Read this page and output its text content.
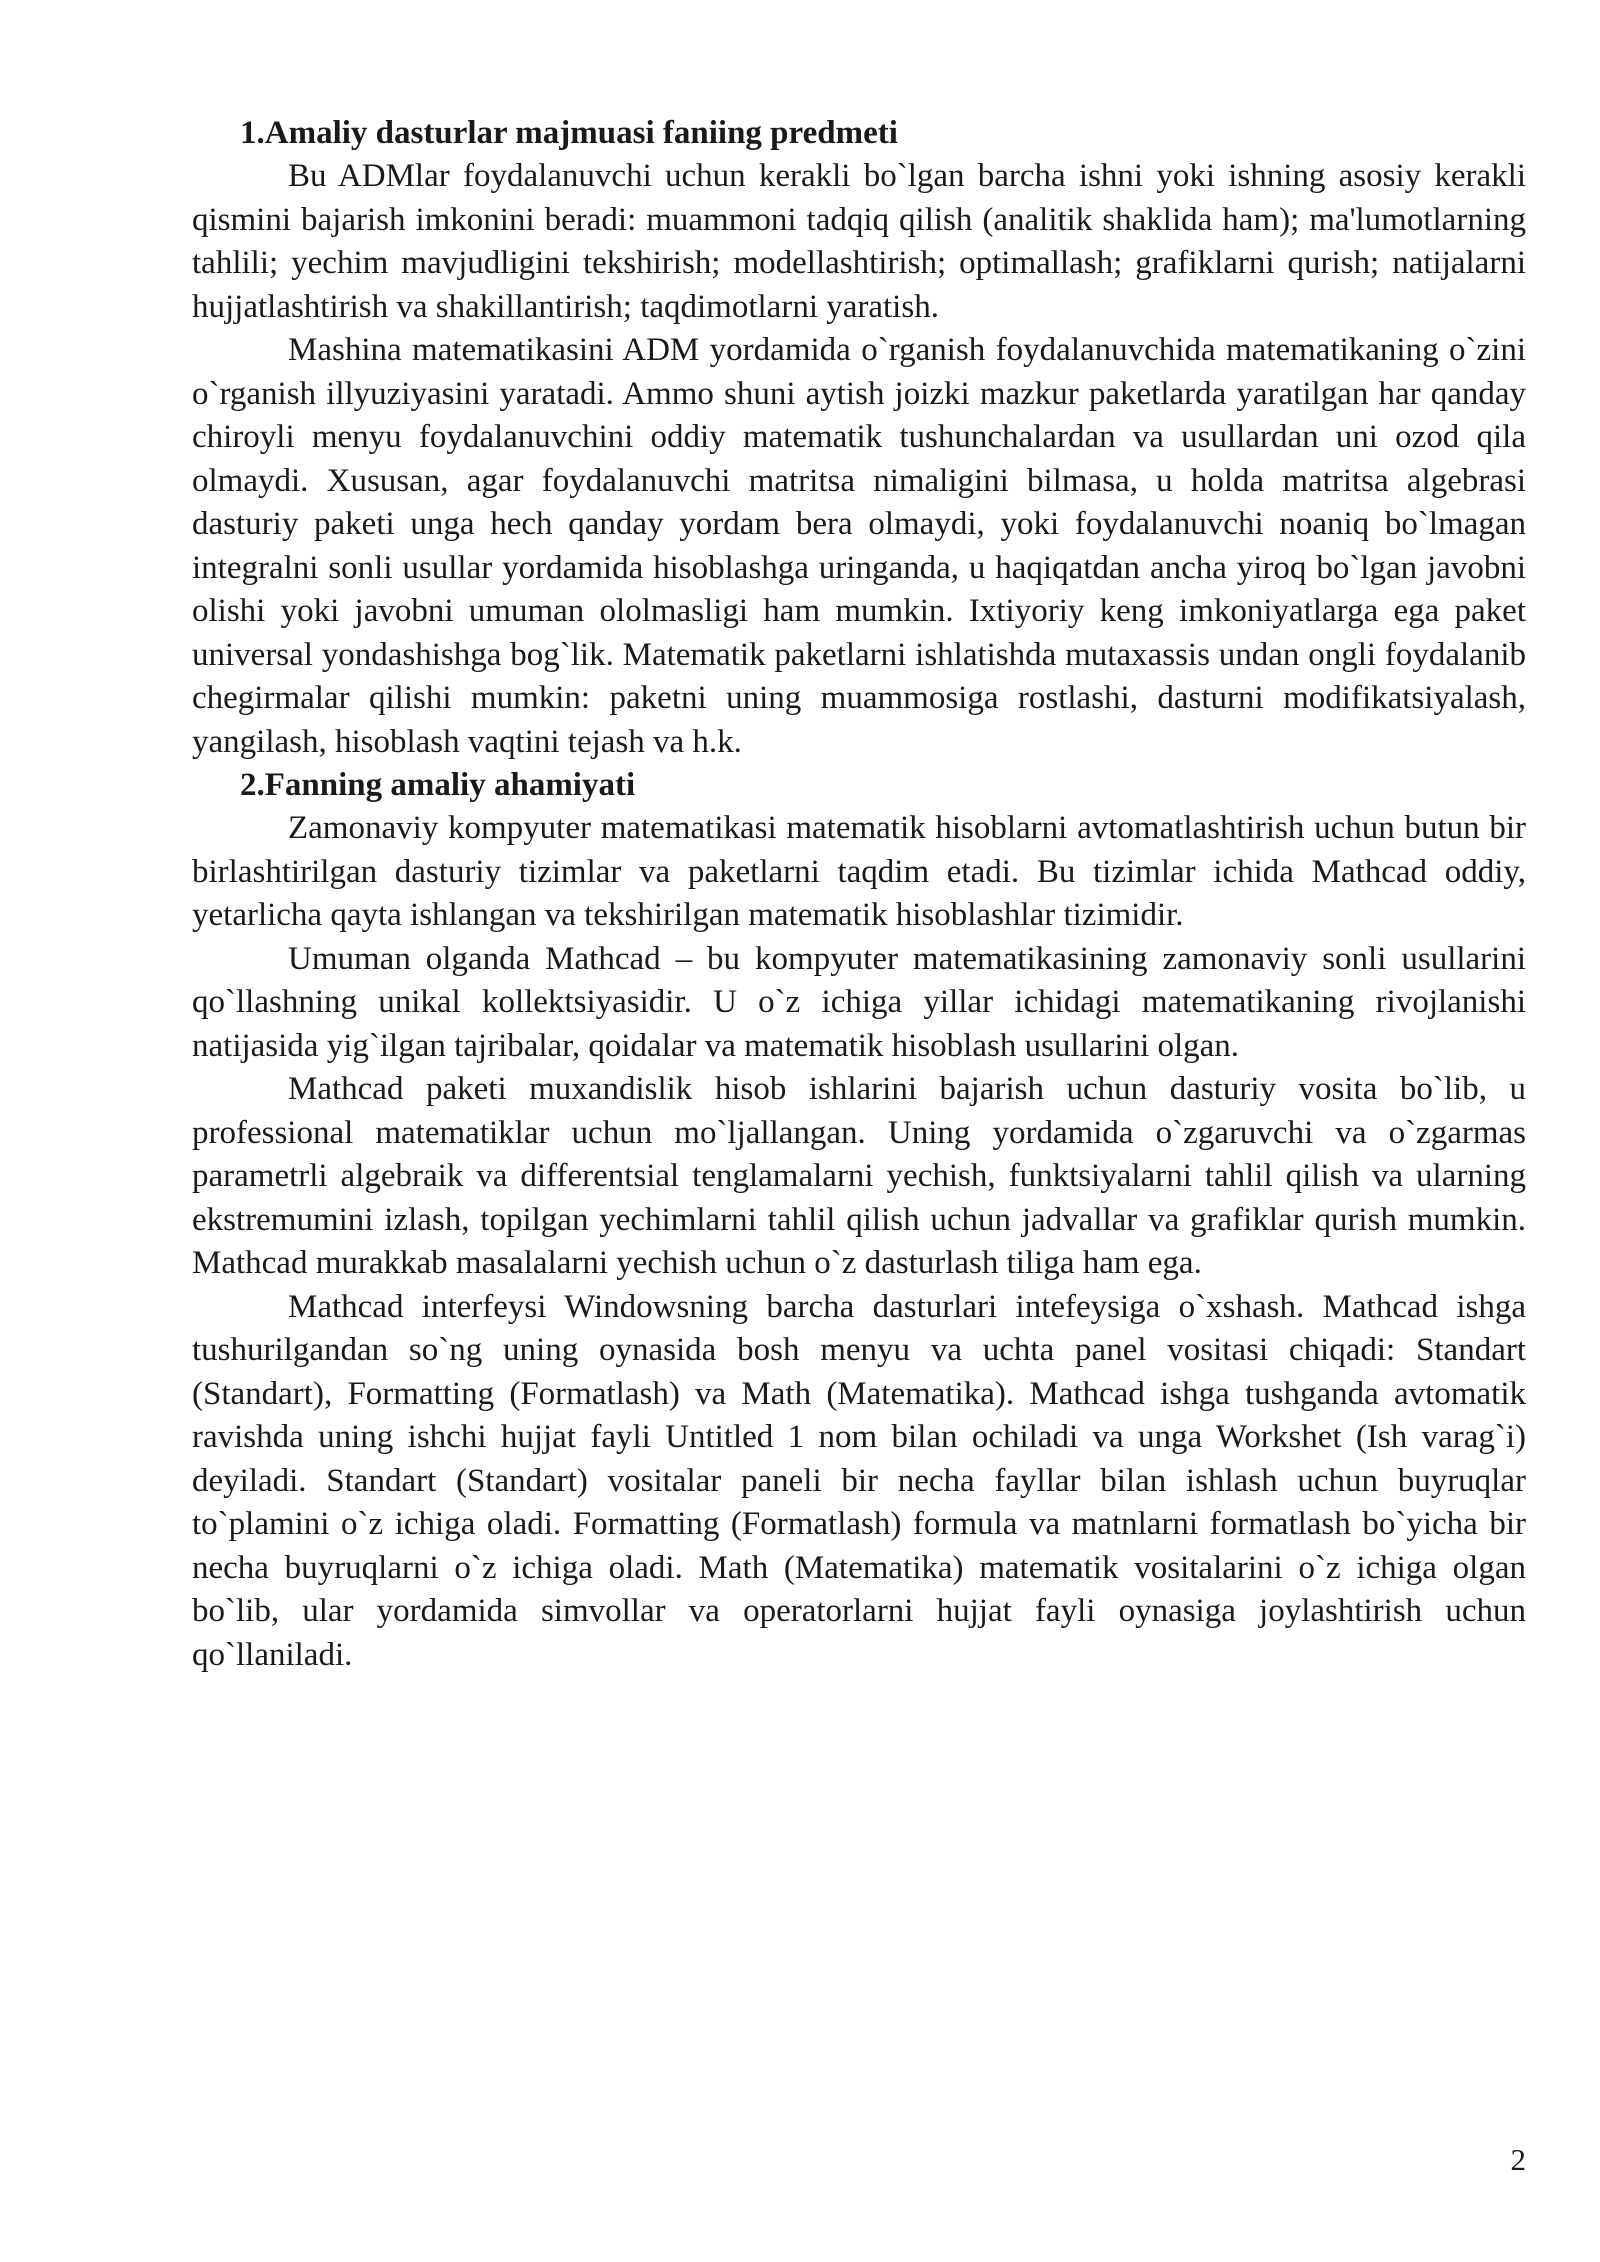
1.Amaliy dasturlar majmuasi faniing predmeti

Bu ADMlar foydalanuvchi uchun kerakli bo`lgan barcha ishni yoki ishning asosiy kerakli qismini bajarish imkonini beradi: muammoni tadqiq qilish (analitik shaklida ham); ma'lumotlarning tahlili; yechim mavjudligini tekshirish; modellashtirish; optimallash; grafiklarni qurish; natijalarni hujjatlashtirish va shakillantirish; taqdimotlarni yaratish.

Mashina matematikasini ADM yordamida o`rganish foydalanuvchida matematikaning o`zini o`rganish illyuziyasini yaratadi. Ammo shuni aytish joizki mazkur paketlarda yaratilgan har qanday chiroyli menyu foydalanuvchini oddiy matematik tushunchalardan va usullardan uni ozod qila olmaydi. Xususan, agar foydalanuvchi matritsa nimaligini bilmasa, u holda matritsa algebrasi dasturiy paketi unga hech qanday yordam bera olmaydi, yoki foydalanuvchi noaniq bo`lmagan integralni sonli usullar yordamida hisoblashga uringanda, u haqiqatdan ancha yiroq bo`lgan javobni olishi yoki javobni umuman ololmasligi ham mumkin. Ixtiyoriy keng imkoniyatlarga ega paket universal yondashishga bog`lik. Matematik paketlarni ishlatishda mutaxassis undan ongli foydalanib chegirmalar qilishi mumkin: paketni uning muammosiga rostlashi, dasturni modifikatsiyalash, yangilash, hisoblash vaqtini tejash va h.k.

2.Fanning amaliy ahamiyati

Zamonaviy kompyuter matematikasi matematik hisoblarni avtomatlashtirish uchun butun bir birlashtirilgan dasturiy tizimlar va paketlarni taqdim etadi. Bu tizimlar ichida Mathcad oddiy, yetarlicha qayta ishlangan va tekshirilgan matematik hisoblashlar tizimidir.

Umuman olganda Mathcad – bu kompyuter matematikasining zamonaviy sonli usullarini qo`llashning unikal kollektsiyasidir. U o`z ichiga yillar ichidagi matematikaning rivojlanishi natijasida yig`ilgan tajribalar, qoidalar va matematik hisoblash usullarini olgan.

Mathcad paketi muxandislik hisob ishlarini bajarish uchun dasturiy vosita bo`lib, u professional matematiklar uchun mo`ljallangan. Uning yordamida o`zgaruvchi va o`zgarmas parametrli algebraik va differentsial tenglamalarni yechish, funktsiyalarni tahlil qilish va ularning ekstremumini izlash, topilgan yechimlarni tahlil qilish uchun jadvallar va grafiklar qurish mumkin. Mathcad murakkab masalalarni yechish uchun o`z dasturlash tiliga ham ega.

Mathcad interfeysi Windowsning barcha dasturlari intefeysiga o`xshash. Mathcad ishga tushurilgandan so`ng uning oynasida bosh menyu va uchta panel vositasi chiqadi: Standart (Standart), Formatting (Formatlash) va Math (Matematika). Mathcad ishga tushganda avtomatik ravishda uning ishchi hujjat fayli Untitled 1 nom bilan ochiladi va unga Workshet (Ish varag`i) deyiladi. Standart (Standart) vositalar paneli bir necha fayllar bilan ishlash uchun buyruqlar to`plamini o`z ichiga oladi. Formatting (Formatlash) formula va matnlarni formatlash bo`yicha bir necha buyruqlarni o`z ichiga oladi. Math (Matematika) matematik vositalarini o`z ichiga olgan bo`lib, ular yordamida simvollar va operatorlarni hujjat fayli oynasiga joylashtirish uchun qo`llaniladi.

2
